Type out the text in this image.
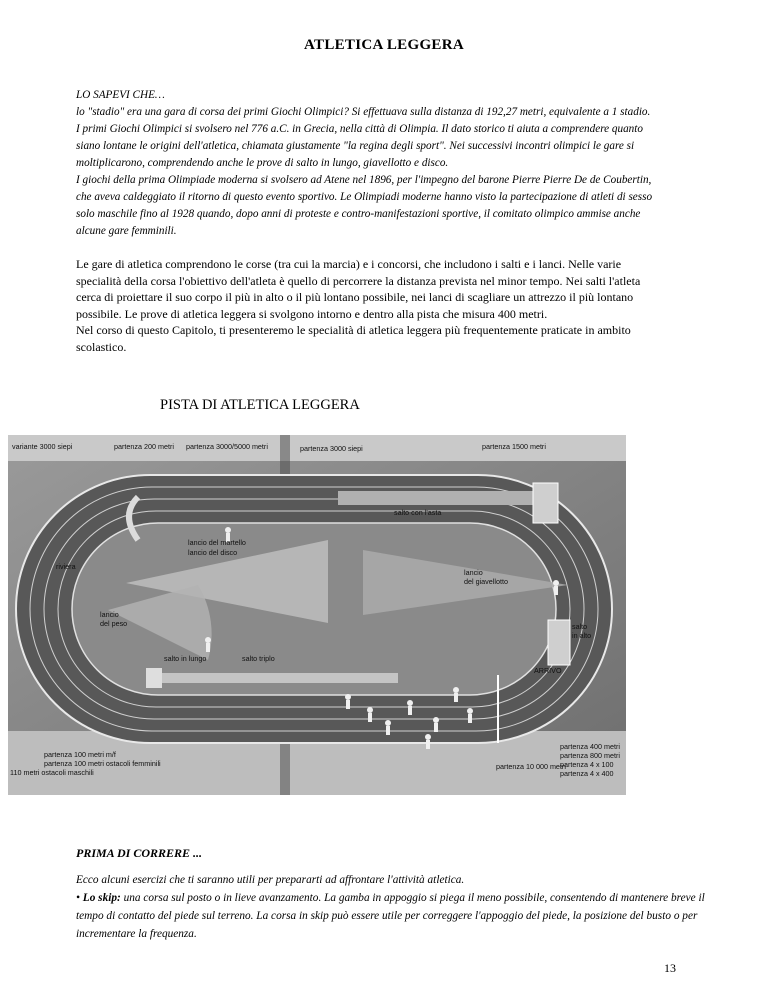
ATLETICA LEGGERA

LO SAPEVI CHE…

lo "stadio" era una gara di corsa dei primi Giochi Olimpici? Si effettuava sulla distanza di 192,27 metri, equivalente a 1 stadio. I primi Giochi Olimpici si svolsero nel 776 a.C. in Grecia, nella città di Olimpia. Il dato storico ti aiuta a comprendere quanto siano lontane le origini dell'atletica, chiamata giustamente "la regina degli sport". Nei successivi incontri olimpici le gare si moltiplicarono, comprendendo anche le prove di salto in lungo, giavellotto e disco.

I giochi della prima Olimpiade moderna si svolsero ad Atene nel 1896, per l'impegno del barone Pierre Pierre De de Coubertin, che aveva caldeggiato il ritorno di questo evento sportivo. Le Olimpiadi moderne hanno visto la partecipazione di atleti di sesso solo maschile fino al 1928 quando, dopo anni di proteste e contro-manifestazioni sportive, il comitato olimpico ammise anche alcune gare femminili.

Le gare di atletica comprendono le corse (tra cui la marcia) e i concorsi, che includono i salti e i lanci. Nelle varie specialità della corsa l'obiettivo dell'atleta è quello di percorrere la distanza prevista nel minor tempo. Nei salti l'atleta cerca di proiettare il suo corpo il più in alto o il più lontano possibile, nei lanci di scagliare un attrezzo il più lontano possibile. Le prove di atletica leggera si svolgono intorno e dentro alla pista che misura 400 metri.

Nel corso di questo Capitolo, ti presenteremo le specialità di atletica leggera più frequentemente praticate in ambito scolastico.

PISTA DI ATLETICA LEGGERA
variante 3000 siepi	partenza 200 metri partenza 3000/5000 metri	partenza 3000 siepi	partenza 1500 metri
salto con l'asta
lancio del martello
lancio del disco
riviera
lancio
del peso
lancio
del giavellotto
salto
in alto
salto in lungo	salto triplo
ARRIVO
partenza 100 metri m/f
partenza 100 metri ostacoli femminili
110 metri ostacoli maschili
partenza 10 000 metri
partenza 400 metri
partenza 800 metri
partenza 4 x 100
partenza 4 x 400
PRIMA DI CORRERE ...

Ecco alcuni esercizi che ti saranno utili per prepararti ad affrontare l'attività atletica.

• Lo skip: una corsa sul posto o in lieve avanzamento. La gamba in appoggio si piega il meno possibile, consentendo di mantenere breve il tempo di contatto del piede sul terreno. La corsa in skip può essere utile per correggere l'appoggio del piede, la posizione del busto o per incrementare la frequenza.

13
